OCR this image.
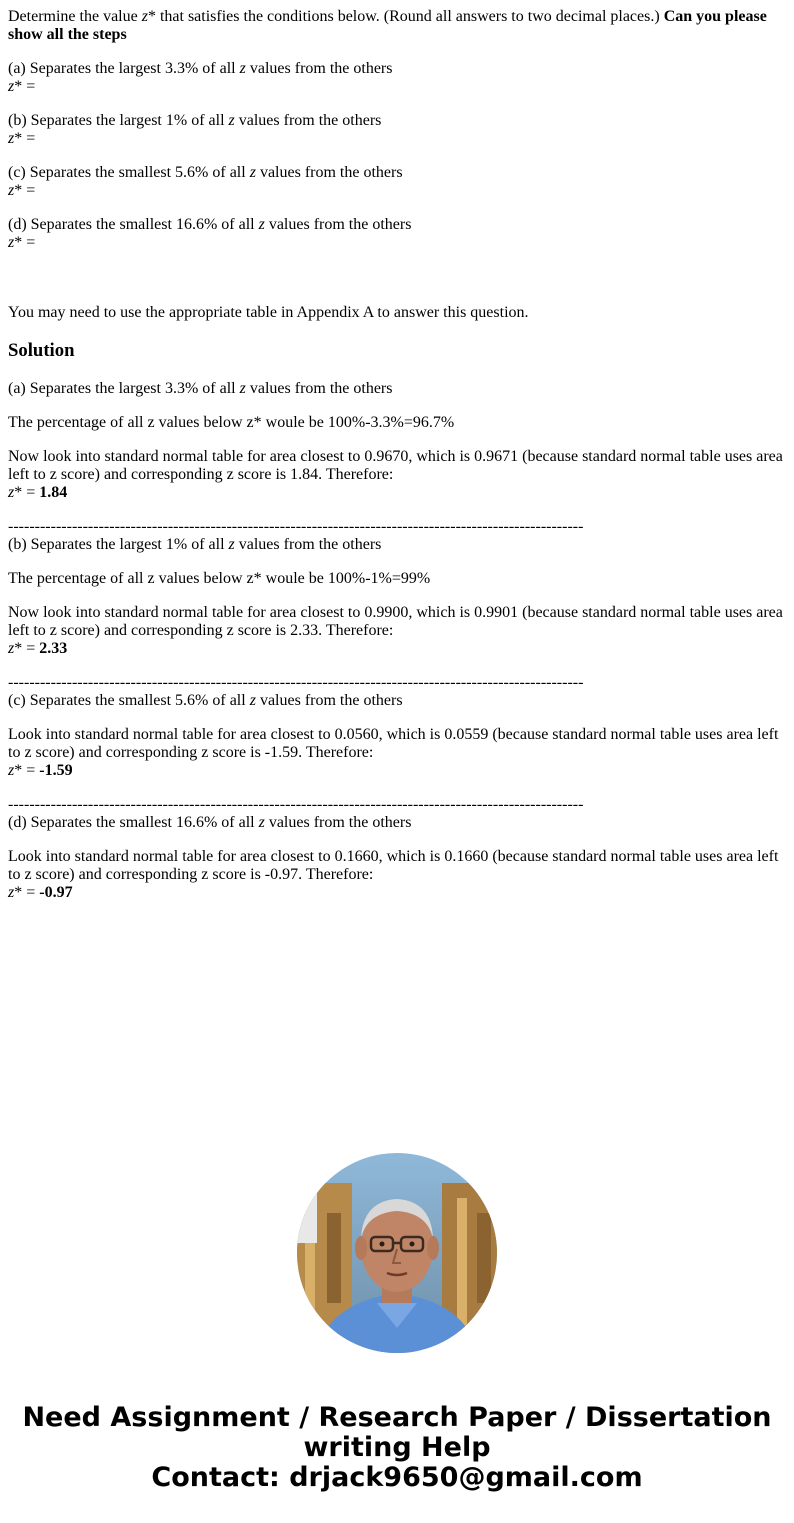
Determine the value z* that satisfies the conditions below. (Round all answers to two decimal places.) Can you please show all the steps

(a) Separates the largest 3.3% of all z values from the others
z* =

(b) Separates the largest 1% of all z values from the others
z* =

(c) Separates the smallest 5.6% of all z values from the others
z* =

(d) Separates the smallest 16.6% of all z values from the others
z* =

You may need to use the appropriate table in Appendix A to answer this question.

Solution

(a) Separates the largest 3.3% of all z values from the others

The percentage of all z values below z* woule be 100%-3.3%=96.7%

Now look into standard normal table for area closest to 0.9670, which is 0.9671 (because standard normal table uses area left to z score) and corresponding z score is 1.84. Therefore:
z* = 1.84

------------------------------------------------------------------------------------------------------------

(b) Separates the largest 1% of all z values from the others

The percentage of all z values below z* woule be 100%-1%=99%

Now look into standard normal table for area closest to 0.9900, which is 0.9901 (because standard normal table uses area left to z score) and corresponding z score is 2.33. Therefore:
z* = 2.33

------------------------------------------------------------------------------------------------------------

(c) Separates the smallest 5.6% of all z values from the others

Look into standard normal table for area closest to 0.0560, which is 0.0559 (because standard normal table uses area left to z score) and corresponding z score is -1.59. Therefore:
z* = -1.59

------------------------------------------------------------------------------------------------------------

(d) Separates the smallest 16.6% of all z values from the others

Look into standard normal table for area closest to 0.1660, which is 0.1660 (because standard normal table uses area left to z score) and corresponding z score is -0.97. Therefore:
z* = -0.97

Need Assignment / Research Paper / Dissertation
writing Help
Contact: drjack9650@gmail.com
